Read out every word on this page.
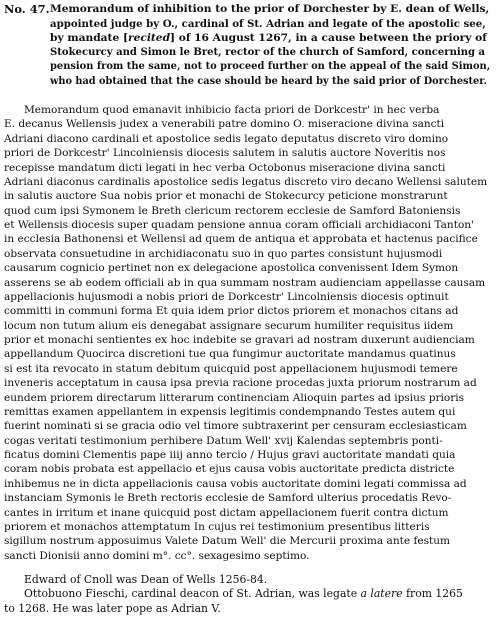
No. 47. Memorandum of inhibition to the prior of Dorchester by E. dean of Wells,
appointed judge by O., cardinal of St. Adrian and legate of the apostolic see,
by mandate [recited] of 16 August 1267, in a cause between the priory of
Stokecurcy and Simon le Bret, rector of the church of Samford, concerning a
pension from the same, not to proceed further on the appeal of the said Simon,
who had obtained that the case should be heard by the said prior of Dorchester.
Memorandum quod emanavit inhibicio facta priori de Dorkcestr' in hec verba
E. decanus Wellensis judex a venerabili patre domino O. miseracione divina sancti
Adriani diacono cardinali et apostolice sedis legato deputatus discreto viro domino
priori de Dorkcestr' Lincolniensis diocesis salutem in salutis auctore Noveritis nos
recepisse mandatum dicti legati in hec verba Octobonus miseracione divina sancti
Adriani diaconus cardinalis apostolice sedis legatus discreto viro decano Wellensi salutem
in salutis auctore Sua nobis prior et monachi de Stokecurcy peticione monstrarunt
quod cum ipsi Symonem le Breth clericum rectorem ecclesie de Samford Batoniensis
et Wellensis diocesis super quadam pensione annua coram officiali archidiaconi Tanton'
in ecclesia Bathonensi et Wellensi ad quem de antiqua et approbata et hactenus pacifice
observata consuetudine in archidiaconatu suo in quo partes consistunt hujusmodi
causarum cognicio pertinet non ex delegacione apostolica convenissent Idem Symon
asserens se ab eodem officiali ab in qua summam nostram audienciam appellasse causam
appellacionis hujusmodi a nobis priori de Dorkcestr' Lincolniensis diocesis optinuit
committi in communi forma Et quia idem prior dictos priorem et monachos citans ad
locum non tutum alium eis denegabat assignare securum humiliter requisitus iidem
prior et monachi sentientes ex hoc indebite se gravari ad nostram duxerunt audienciam
appellandum Quocirca discretioni tue qua fungimur auctoritate mandamus quatinus
si est ita revocato in statum debitum quicquid post appellacionem hujusmodi temere
inveneris acceptatum in causa ipsa previa racione procedas juxta priorum nostrarum ad
eundem priorem directarum litterarum continenciam Alioquin partes ad ipsius prioris
remittas examen appellantem in expensis legitimis condempnando Testes autem qui
fuerint nominati si se gracia odio vel timore subtraxerint per censuram ecclesiasticam
cogas veritati testimonium perhibere Datum Well' xvij Kalendas septembris ponti-
ficatus domini Clementis pape iiij anno tercio / Hujus gravi auctoritate mandati quia
coram nobis probata est appellacio et ejus causa vobis auctoritate predicta districte
inhibemus ne in dicta appellacionis causa vobis auctoritate domini legati commissa ad
instanciam Symonis le Breth rectoris ecclesie de Samford ulterius procedatis Revo-
cantes in irritum et inane quicquid post dictam appellacionem fuerit contra dictum
priorem et monachos attemptatum In cujus rei testimonium presentibus litteris
sigillum nostrum apposuimus Valete Datum Well' die Mercurii proxima ante festum
sancti Dionisii anno domini m°. cc°. sexagesimo septimo.
Edward of Cnoll was Dean of Wells 1256-84.
Ottobuono Fieschi, cardinal deacon of St. Adrian, was legate a latere from 1265
to 1268. He was later pope as Adrian V.
